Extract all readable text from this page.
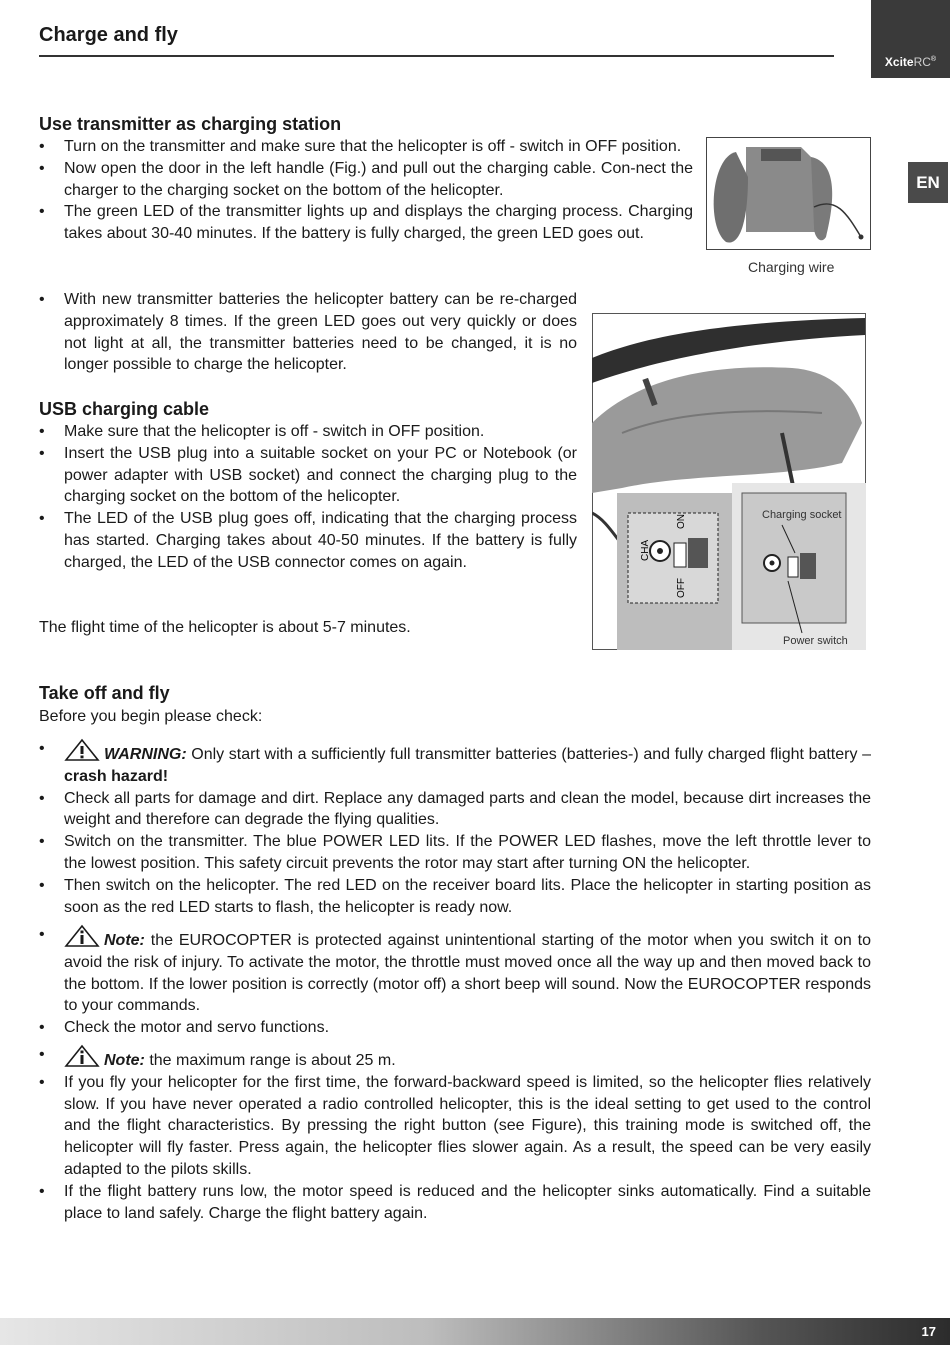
Charge and fly
XciteRC®
EN
Use transmitter as charging station
• Turn on the transmitter and make sure that the helicopter is off - switch in OFF position.
• Now open the door in the left handle (Fig.) and pull out the charging cable. Con-nect the charger to the charging socket on the bottom of the helicopter.
• The green LED of the transmitter lights up and displays the charging process. Charging takes about 30-40 minutes. If the battery is fully charged, the green LED goes out.
• With new transmitter batteries the helicopter battery can be re-charged approximately 8 times. If the green LED goes out very quickly or does not light at all, the transmitter batteries need to be changed, it is no longer possible to charge the helicopter.
Charging wire
CHA
ON
OFF
Charging socket
Power switch
USB charging cable
• Make sure that the helicopter is off - switch in OFF position.
• Insert the USB plug into a suitable socket on your PC or Notebook (or power adapter with USB socket) and connect the charging plug to the charging socket on the bottom of the helicopter.
• The LED of the USB plug goes off, indicating that the charging process has started. Charging takes about 40-50 minutes. If the battery is fully charged, the LED of the USB connector comes on again.

The flight time of the helicopter is about 5-7 minutes.

Take off and fly

Before you begin please check:

• WARNING: Only start with a sufficiently full transmitter batteries (batteries-) and fully charged flight battery – crash hazard!
• Check all parts for damage and dirt. Replace any damaged parts and clean the model, because dirt increases the weight and therefore can degrade the flying qualities.
• Switch on the transmitter. The blue POWER LED lits. If the POWER LED flashes, move the left throttle lever to the lowest position. This safety circuit prevents the rotor may start after turning ON the helicopter.
• Then switch on the helicopter. The red LED on the receiver board lits. Place the helicopter in starting position as soon as the red LED starts to flash, the helicopter is ready now.
• Note: the EUROCOPTER is protected against unintentional starting of the motor when you switch it on to avoid the risk of injury. To activate the motor, the throttle must moved once all the way up and then moved back to the bottom. If the lower position is correctly (motor off) a short beep will sound. Now the EUROCOPTER responds to your commands.
• Check the motor and servo functions.
• Note: the maximum range is about 25 m.
• If you fly your helicopter for the first time, the forward-backward speed is limited, so the helicopter flies relatively slow. If you have never operated a radio controlled helicopter, this is the ideal setting to get used to the control and the flight characteristics. By pressing the right button (see Figure), this training mode is switched off, the helicopter will fly faster. Press again, the helicopter flies slower again. As a result, the speed can be very easily adapted to the pilots skills.
• If the flight battery runs low, the motor speed is reduced and the helicopter sinks automatically. Find a suitable place to land safely. Charge the flight battery again.
17
